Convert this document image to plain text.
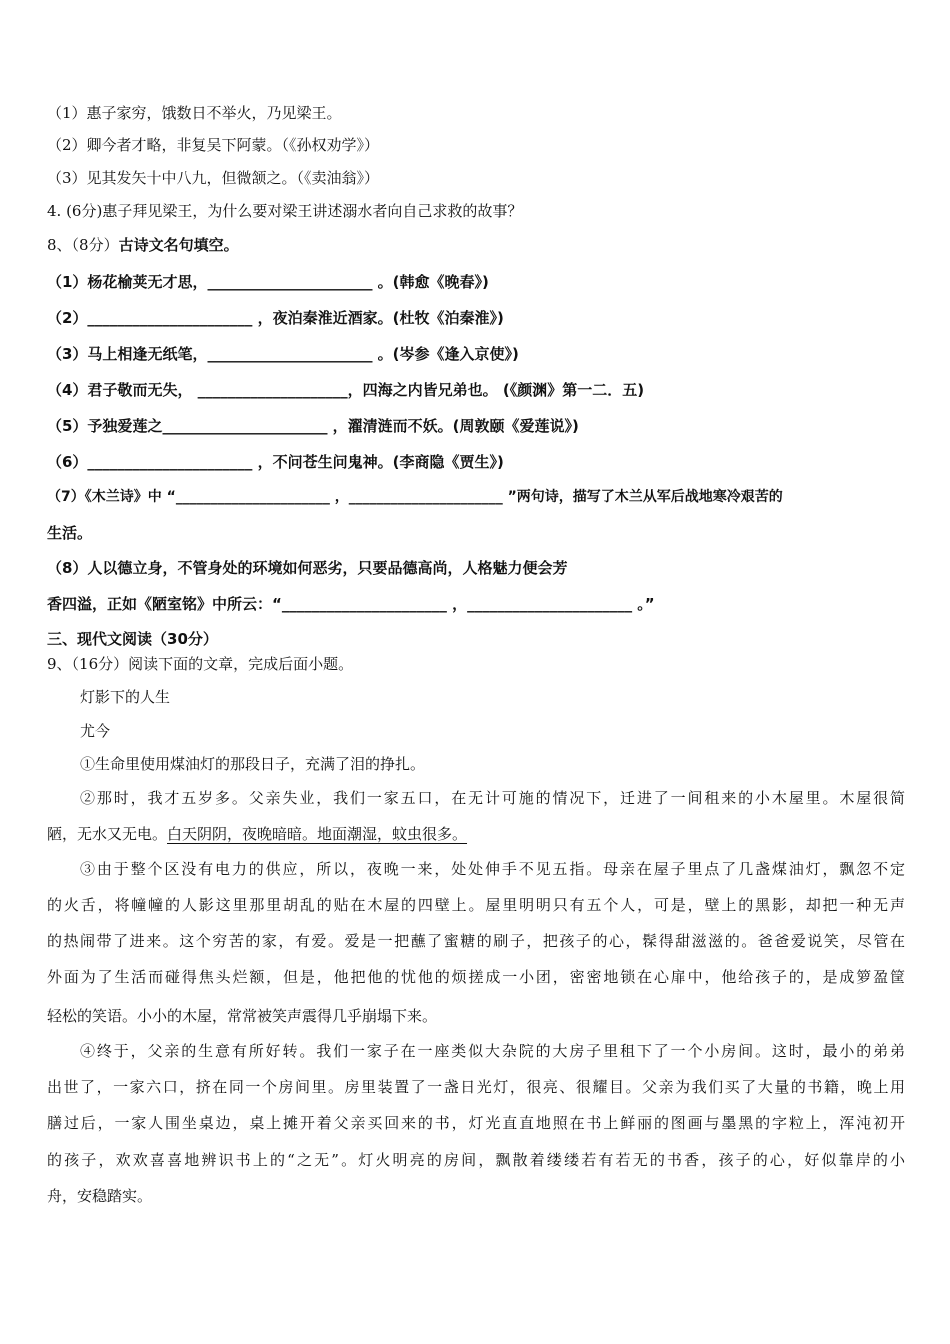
（1）惠子家穷，饿数日不举火，乃见梁王。
（2）卿今者才略，非复吴下阿蒙。（《孙权劝学》）
（3）见其发矢十中八九，但微颔之。（《卖油翁》）
4. (6分)惠子拜见梁王，为什么要对梁王讲述溺水者向自己求救的故事？
8、（8分）古诗文名句填空。
（1）杨花榆荚无才思，______________________ 。(韩愈《晚春》)
（2）______________________ ，夜泊秦淮近酒家。(杜牧《泊秦淮》)
（3）马上相逢无纸笔，______________________ 。(岑参《逢入京使》)
（4）君子敬而无失， ____________________，四海之内皆兄弟也。 (《颜渊》第一二．五)
（5）予独爱莲之______________________ ，濯清涟而不妖。(周敦颐《爱莲说》)
（6）______________________ ，不问苍生问鬼神。(李商隐《贾生》)
（7）《木兰诗》中 “______________________ ，______________________ ”两句诗，描写了木兰从军后战地寒冷艰苦的
生活。
（8）人以德立身，不管身处的环境如何恶劣，只要品德高尚，人格魅力便会芳
香四溢，正如《陋室铭》中所云：“______________________ ，______________________ 。”
三、现代文阅读（30分）
9、（16分）阅读下面的文章，完成后面小题。
灯影下的人生
尤今
①生命里使用煤油灯的那段日子，充满了泪的挣扎。
②那时，我才五岁多。父亲失业，我们一家五口，在无计可施的情况下，迁进了一间租来的小木屋里。木屋很简
陋，无水又无电。白天阴阴，夜晚暗暗。地面潮湿，蚊虫很多。
③由于整个区没有电力的供应，所以，夜晚一来，处处伸手不见五指。母亲在屋子里点了几盏煤油灯，飘忽不定
的火舌，将幢幢的人影这里那里胡乱的贴在木屋的四壁上。屋里明明只有五个人，可是，壁上的黑影，却把一种无声
的热闹带了进来。这个穷苦的家，有爱。爱是一把蘸了蜜糖的刷子，把孩子的心，髹得甜滋滋的。爸爸爱说笑，尽管在
外面为了生活而碰得焦头烂额，但是，他把他的忧他的烦搓成一小团，密密地锁在心扉中，他给孩子的，是成箩盈筐
轻松的笑语。小小的木屋，常常被笑声震得几乎崩塌下来。
④终于，父亲的生意有所好转。我们一家子在一座类似大杂院的大房子里租下了一个小房间。这时，最小的弟弟
出世了，一家六口，挤在同一个房间里。房里装置了一盏日光灯，很亮、很耀目。父亲为我们买了大量的书籍，晚上用
膳过后，一家人围坐桌边，桌上摊开着父亲买回来的书，灯光直直地照在书上鲜丽的图画与墨黑的字粒上，浑沌初开
的孩子，欢欢喜喜地辨识书上的“之无”。灯火明亮的房间，飘散着缕缕若有若无的书香，孩子的心，好似靠岸的小
舟，安稳踏实。
